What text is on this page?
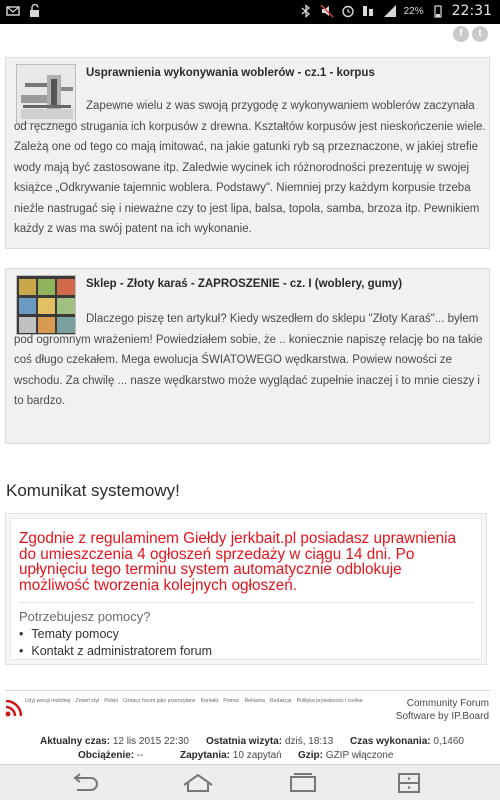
22% 22:31
f	t
Usprawnienia wykonywania woblerów - cz.1 - korpus
Zapewne wielu z was swoją przygodę z wykonywaniem woblerów zaczynała od ręcznego strugania ich korpusów z drewna. Kształtów korpusów jest nieskończenie wiele. Zależą one od tego co mają imitować, na jakie gatunki ryb są przeznaczone, w jakiej strefie wody mają być zastosowane itp. Zaledwie wycinek ich różnorodności prezentuję w swojej książce „Odkrywanie tajemnic woblera. Podstawy". Niemniej przy każdym korpusie trzeba nieźle nastrugać się i nieważne czy to jest lipa, balsa, topola, samba, brzoza itp. Pewnikiem każdy z was ma swój patent na ich wykonanie.
Sklep - Złoty karaś - ZAPROSZENIE - cz. I (woblery, gumy)
Dlaczego piszę ten artykuł? Kiedy wszedłem do sklepu "Złoty Karaś"... byłem pod ogromnym wrażeniem! Powiedziałem sobie, że .. koniecznie napiszę relację bo na takie coś długo czekałem. Mega ewolucja ŚWIATOWEGO wędkarstwa. Powiew nowości ze wschodu. Za chwilę ... nasze wędkarstwo może wyglądać zupełnie inaczej i to mnie cieszy i to bardzo.
Komunikat systemowy!
Zgodnie z regulaminem Giełdy jerkbait.pl posiadasz uprawnienia do umieszczenia 4 ogłoszeń sprzedaży w ciągu 14 dni. Po upłynięciu tego terminu system automatycznie odblokuje możliwość tworzenia kolejnych ogłoszeń.
Potrzebujesz pomocy?
• Tematy pomocy
• Kontakt z administratorem forum
Użyj wersji mobilnej Zmień styl Polski Oznacz forum jako przeczytane Kontakt Pomoc Reklama Redakcja Polityka prywatności i cookie	Community Forum
Software by IP.Board
Aktualny czas: 12 lis 2015 22:30 Ostatnia wizyta: dziś, 18:13 Czas wykonania: 0,1460
Obciążenie: --	Zapytania: 10 zapytań Gzip: GZIP włączone
